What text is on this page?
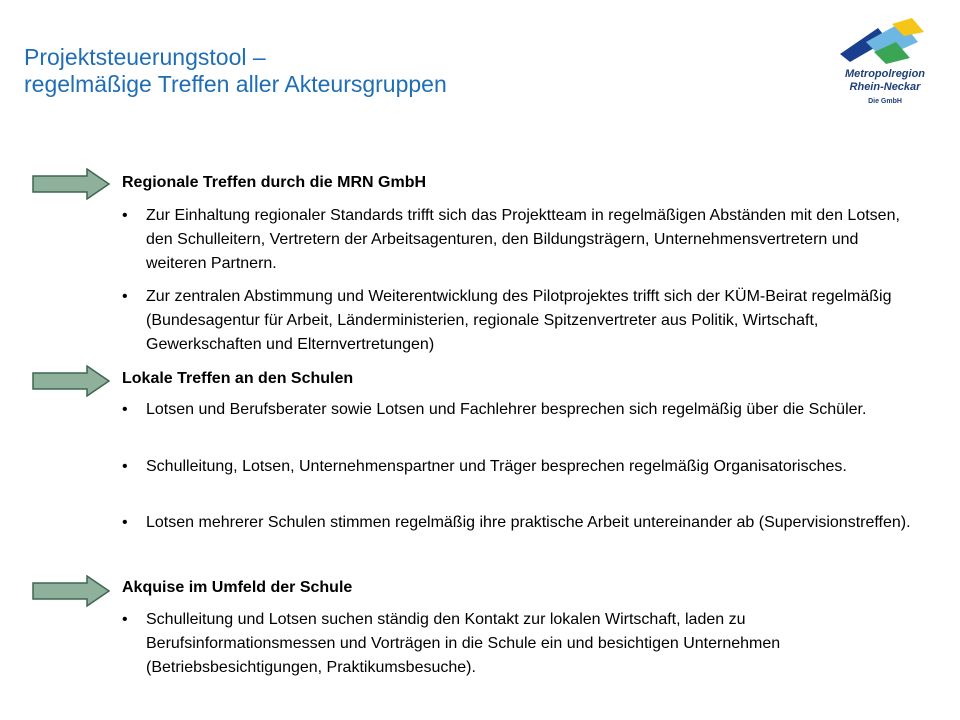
Projektsteuerungstool –
regelmäßige Treffen aller Akteursgruppen	Metropolregion
Rhein-Neckar
Die GmbH
Regionale Treffen durch die MRN GmbH
• Zur Einhaltung regionaler Standards trifft sich das Projektteam in regelmäßigen Abständen mit den Lotsen, den Schulleitern, Vertretern der Arbeitsagenturen, den Bildungsträgern, Unternehmensvertretern und weiteren Partnern.
• Zur zentralen Abstimmung und Weiterentwicklung des Pilotprojektes trifft sich der KÜM-Beirat regelmäßig (Bundesagentur für Arbeit, Länderministerien, regionale Spitzenvertreter aus Politik, Wirtschaft, Gewerkschaften und Elternvertretungen)
Lokale Treffen an den Schulen
• Lotsen und Berufsberater sowie Lotsen und Fachlehrer besprechen sich regelmäßig über die Schüler.
• Schulleitung, Lotsen, Unternehmenspartner und Träger besprechen regelmäßig Organisatorisches.
• Lotsen mehrerer Schulen stimmen regelmäßig ihre praktische Arbeit untereinander ab (Supervisionstreffen).
Akquise im Umfeld der Schule
• Schulleitung und Lotsen suchen ständig den Kontakt zur lokalen Wirtschaft, laden zu Berufsinformationsmessen und Vorträgen in die Schule ein und besichtigen Unternehmen (Betriebsbesichtigungen, Praktikumsbesuche).
